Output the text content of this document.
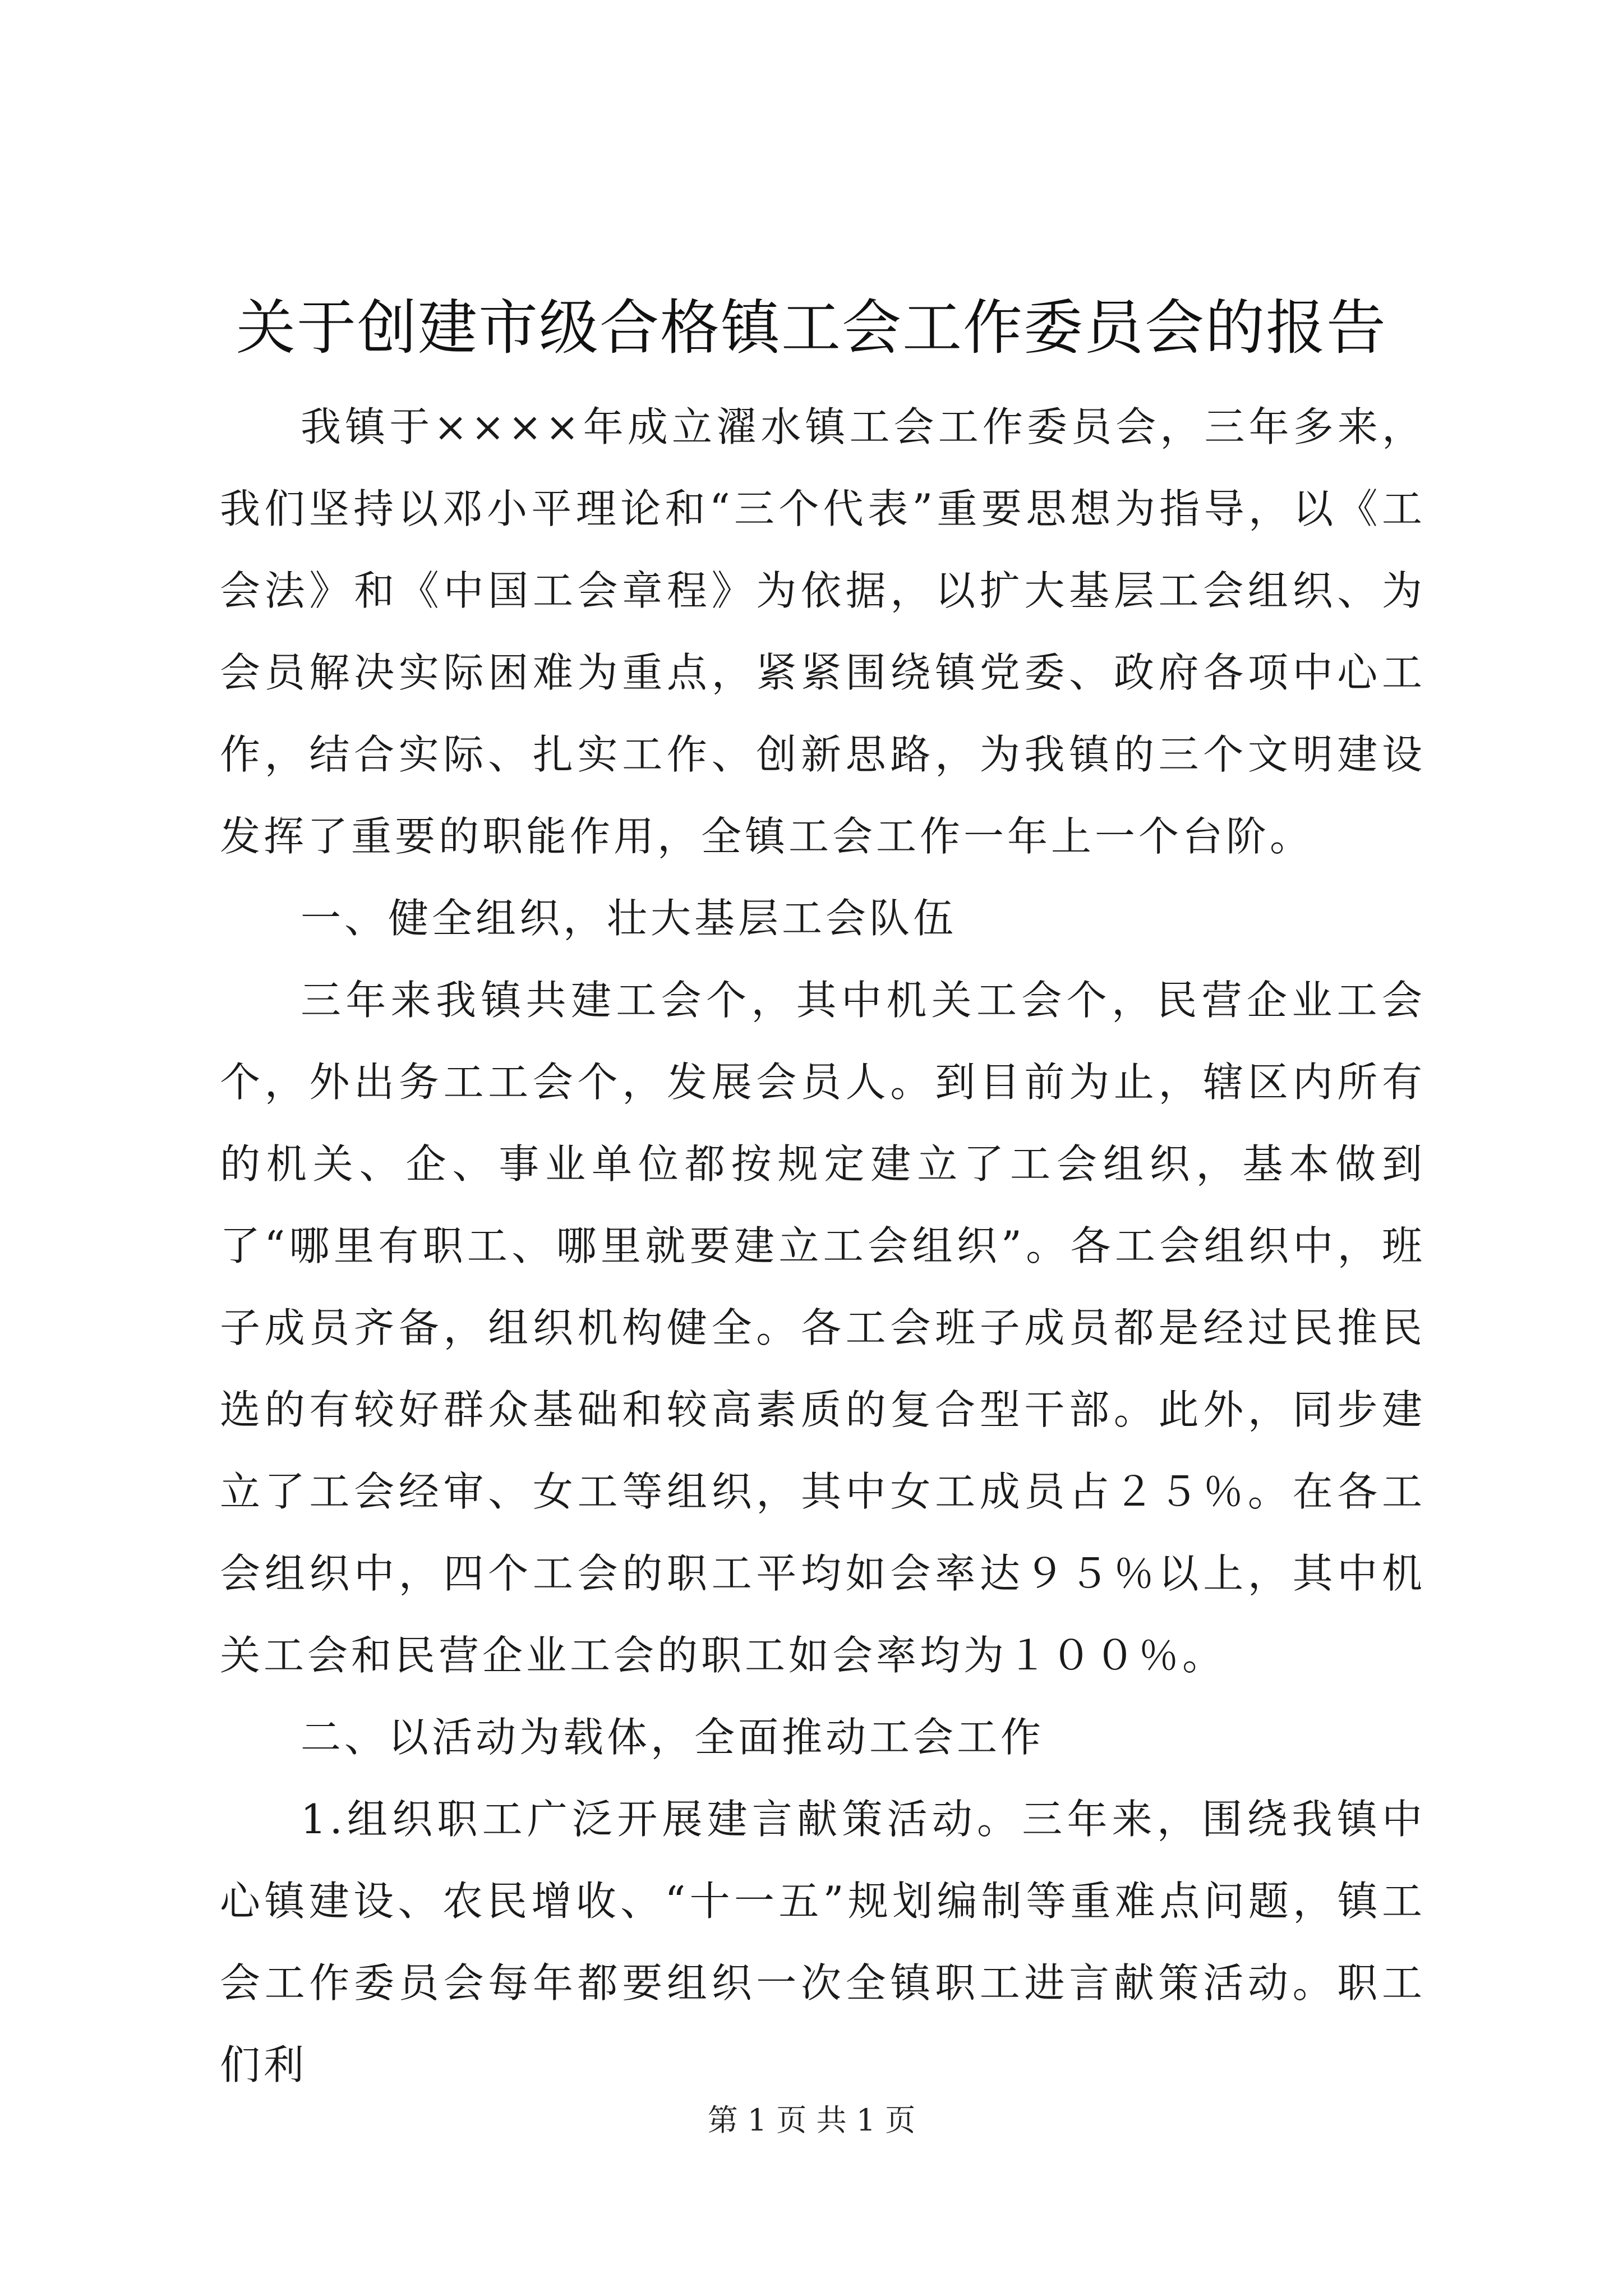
关于创建市级合格镇工会工作委员会的报告

我镇于××××年成立濯水镇工会工作委员会，三年多来，我们坚持以邓小平理论和“三个代表”重要思想为指导，以《工会法》和《中国工会章程》为依据，以扩大基层工会组织、为会员解决实际困难为重点，紧紧围绕镇党委、政府各项中心工作，结合实际、扎实工作、创新思路，为我镇的三个文明建设发挥了重要的职能作用，全镇工会工作一年上一个台阶。

一、健全组织，壮大基层工会队伍

三年来我镇共建工会个，其中机关工会个，民营企业工会个，外出务工工会个，发展会员人。到目前为止，辖区内所有的机关、企、事业单位都按规定建立了工会组织，基本做到了“哪里有职工、哪里就要建立工会组织”。各工会组织中，班子成员齐备，组织机构健全。各工会班子成员都是经过民推民选的有较好群众基础和较高素质的复合型干部。此外，同步建立了工会经审、女工等组织，其中女工成员占２５％。在各工会组织中，四个工会的职工平均如会率达９５％以上，其中机关工会和民营企业工会的职工如会率均为１００％。

二、以活动为载体，全面推动工会工作

1.组织职工广泛开展建言献策活动。三年来，围绕我镇中心镇建设、农民增收、“十一五”规划编制等重难点问题，镇工会工作委员会每年都要组织一次全镇职工进言献策活动。职工们利

第 1 页 共 1 页
